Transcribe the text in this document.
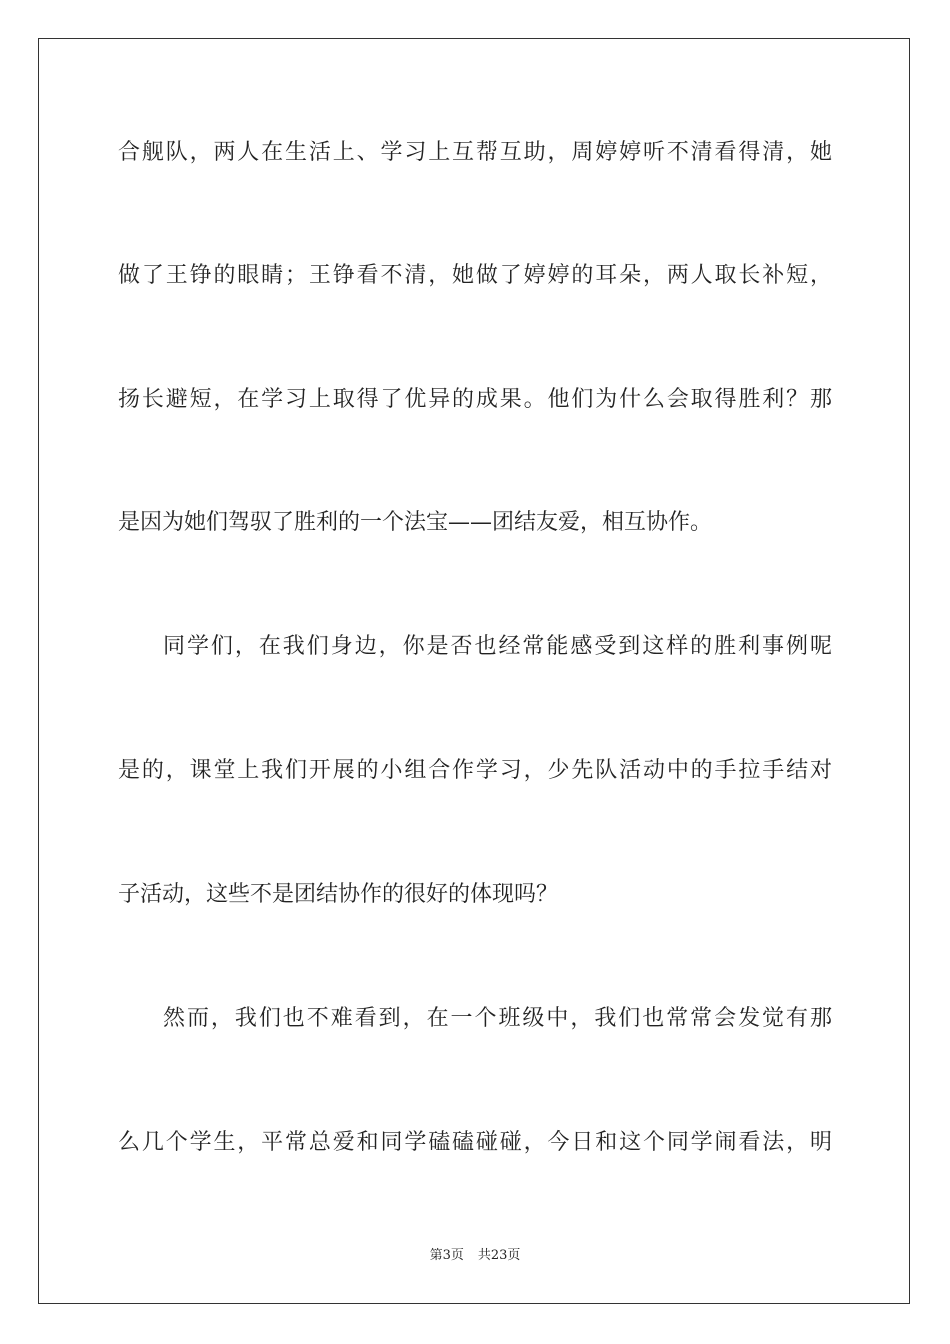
合舰队，两人在生活上、学习上互帮互助，周婷婷听不清看得清，她
做了王铮的眼睛；王铮看不清，她做了婷婷的耳朵，两人取长补短，
扬长避短，在学习上取得了优异的成果。他们为什么会取得胜利？那
是因为她们驾驭了胜利的一个法宝——团结友爱，相互协作。
同学们，在我们身边，你是否也经常能感受到这样的胜利事例呢
是的，课堂上我们开展的小组合作学习，少先队活动中的手拉手结对
子活动，这些不是团结协作的很好的体现吗？
然而，我们也不难看到，在一个班级中，我们也常常会发觉有那
么几个学生，平常总爱和同学磕磕碰碰，今日和这个同学闹看法，明
第3页 共23页
